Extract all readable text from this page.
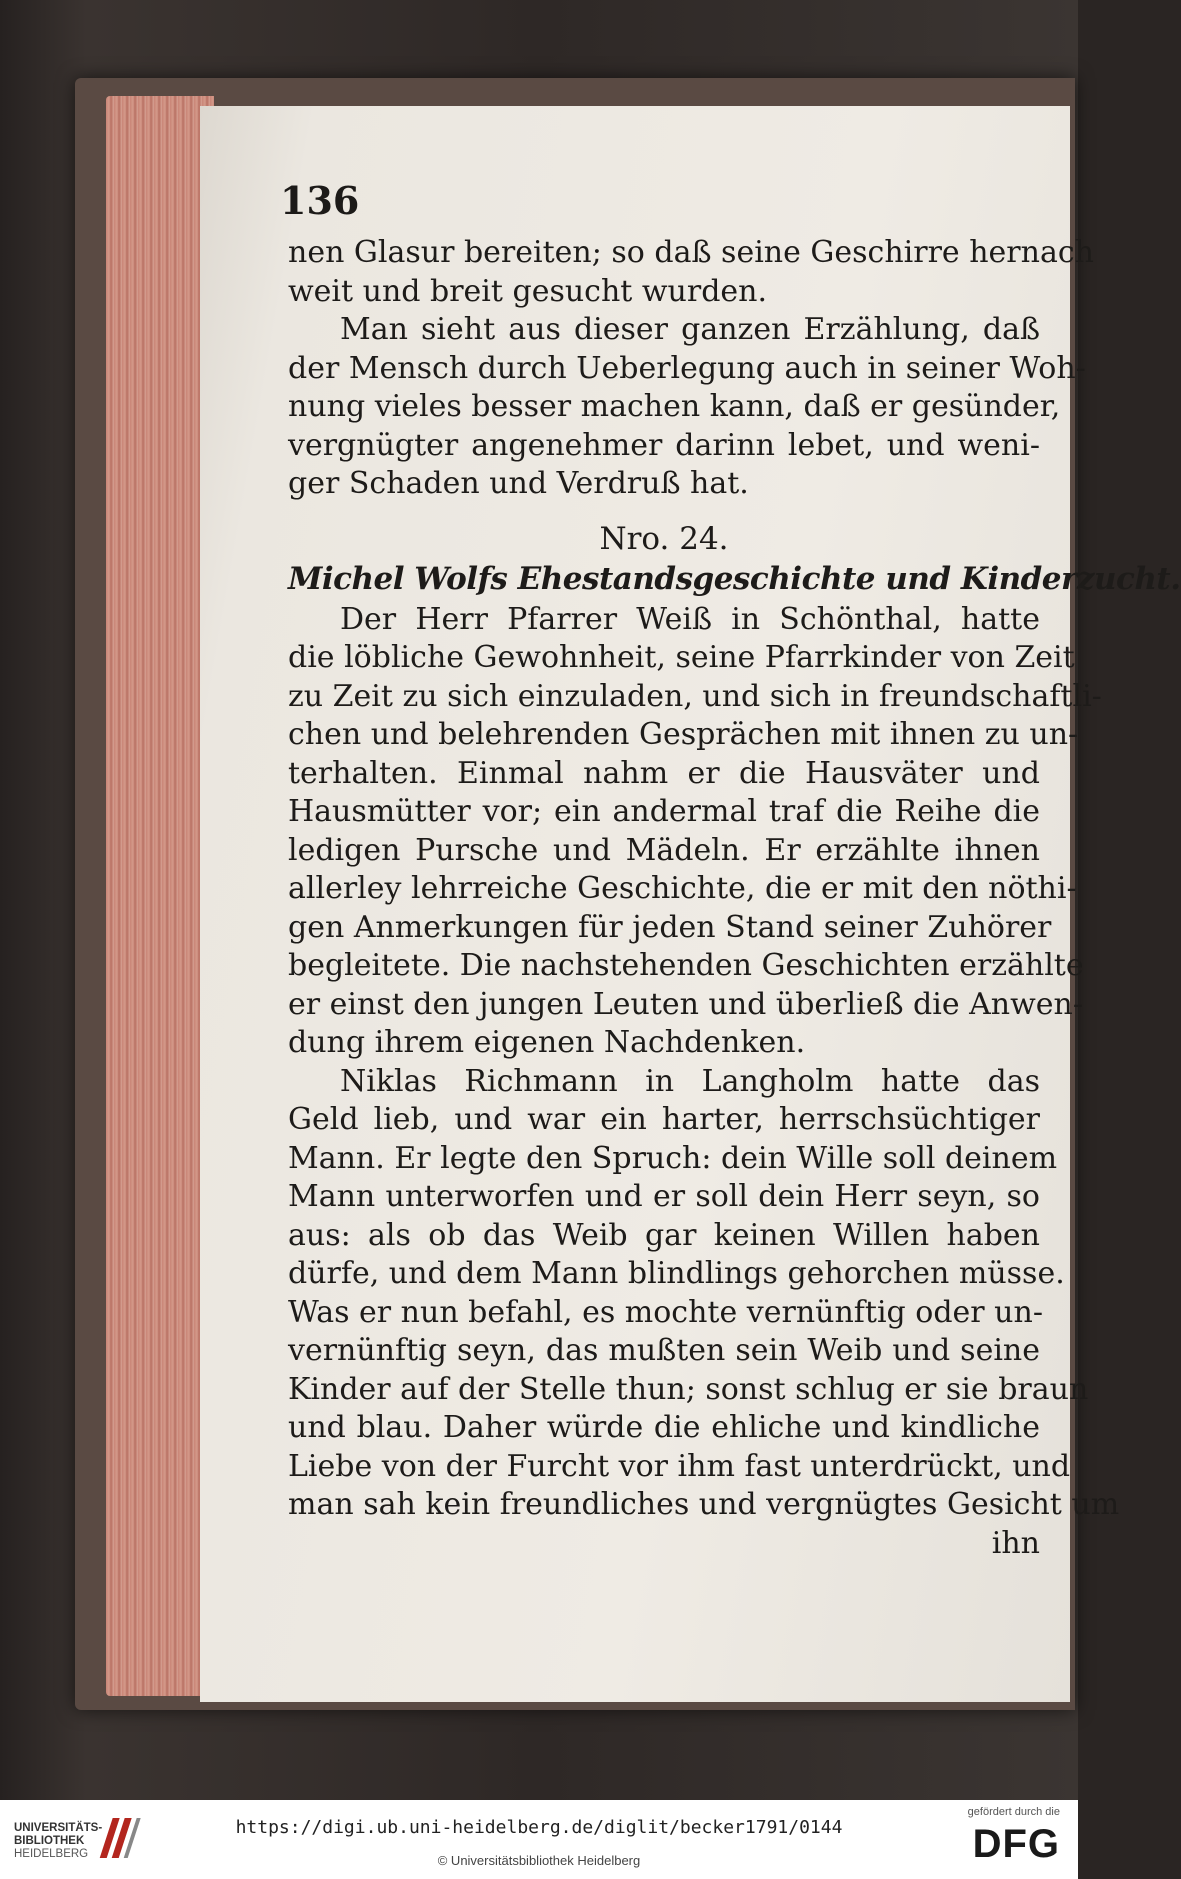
136
nen Glasur bereiten; so daß seine Geschirre hernach
weit und breit gesucht wurden.
Man sieht aus dieser ganzen Erzählung, daß
der Mensch durch Ueberlegung auch in seiner Woh-
nung vieles besser machen kann, daß er gesünder,
vergnügter angenehmer darinn lebet, und weni-
ger Schaden und Verdruß hat.
Nro. 24.
Michel Wolfs Ehestandsgeschichte und Kinderzucht.
Der Herr Pfarrer Weiß in Schönthal, hatte
die löbliche Gewohnheit, seine Pfarrkinder von Zeit
zu Zeit zu sich einzuladen, und sich in freundschaftli-
chen und belehrenden Gesprächen mit ihnen zu un-
terhalten. Einmal nahm er die Hausväter und
Hausmütter vor; ein andermal traf die Reihe die
ledigen Pursche und Mädeln. Er erzählte ihnen
allerley lehrreiche Geschichte, die er mit den nöthi-
gen Anmerkungen für jeden Stand seiner Zuhörer
begleitete. Die nachstehenden Geschichten erzählte
er einst den jungen Leuten und überließ die Anwen-
dung ihrem eigenen Nachdenken.
Niklas Richmann in Langholm hatte das
Geld lieb, und war ein harter, herrschsüchtiger
Mann. Er legte den Spruch: dein Wille soll deinem
Mann unterworfen und er soll dein Herr seyn, so
aus: als ob das Weib gar keinen Willen haben
dürfe, und dem Mann blindlings gehorchen müsse.
Was er nun befahl, es mochte vernünftig oder un-
vernünftig seyn, das mußten sein Weib und seine
Kinder auf der Stelle thun; sonst schlug er sie braun
und blau. Daher würde die ehliche und kindliche
Liebe von der Furcht vor ihm fast unterdrückt, und
man sah kein freundliches und vergnügtes Gesicht um
ihn
UNIVERSITÄTS-
BIBLIOTHEK
HEIDELBERG
https://digi.ub.uni-heidelberg.de/diglit/becker1791/0144
© Universitätsbibliothek Heidelberg
gefördert durch die
DFG
